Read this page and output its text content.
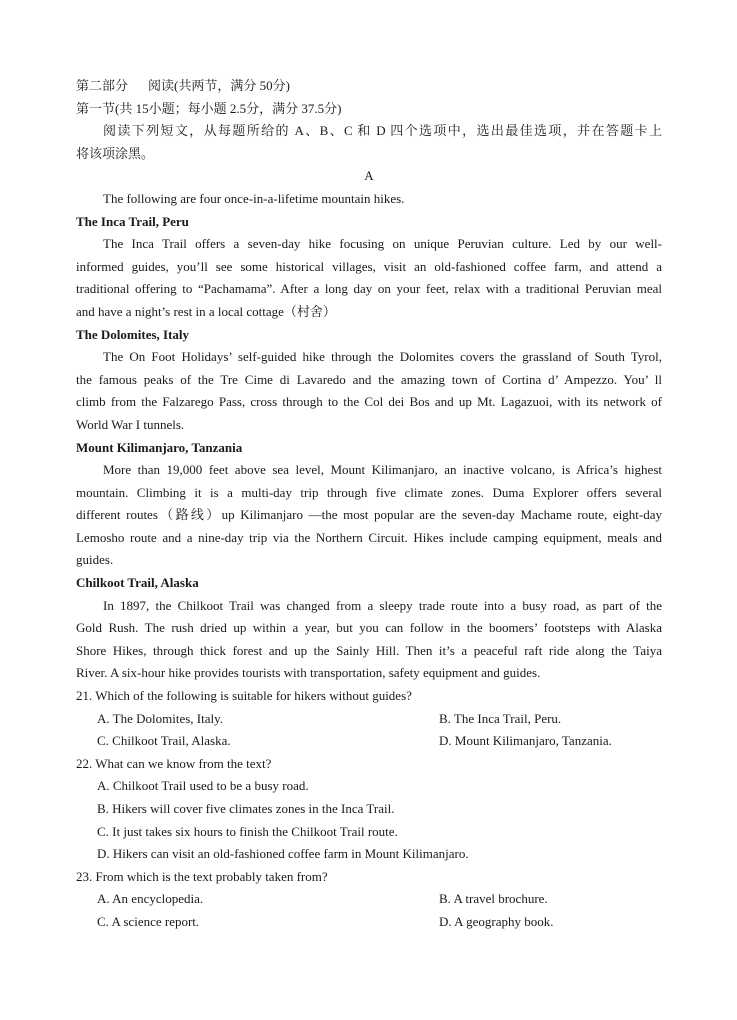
第二部分 阅读(共两节，满分 50分)

第一节(共 15小题；每小题 2.5分，满分 37.5分)

阅读下列短文，从每题所给的 A、B、C 和 D 四个选项中，选出最佳选项，并在答题卡上

将该项涂黑。

A

The following are four once-in-a-lifetime mountain hikes.

The Inca Trail, Peru

The Inca Trail offers a seven-day hike focusing on unique Peruvian culture. Led by our well-

informed guides, you’ll see some historical villages, visit an old-fashioned coffee farm, and attend a

traditional offering to “Pachamama”. After a long day on your feet, relax with a traditional Peruvian meal

and have a night’s rest in a local cottage（村舍）

The Dolomites, Italy

The On Foot Holidays’ self-guided hike through the Dolomites covers the grassland of South Tyrol,

the famous peaks of the Tre Cime di Lavaredo and the amazing town of Cortina d’ Ampezzo. You’ ll

climb from the Falzarego Pass, cross through to the Col dei Bos and up Mt. Lagazuoi, with its network of

World War I tunnels.

Mount Kilimanjaro, Tanzania

More than 19,000 feet above sea level, Mount Kilimanjaro, an inactive volcano, is Africa’s highest

mountain. Climbing it is a multi-day trip through five climate zones. Duma Explorer offers several

different routes（路线）up Kilimanjaro —the most popular are the seven-day Machame route, eight-day

Lemosho route and a nine-day trip via the Northern Circuit. Hikes include camping equipment, meals and

guides.

Chilkoot Trail, Alaska

In 1897, the Chilkoot Trail was changed from a sleepy trade route into a busy road, as part of the

Gold Rush. The rush dried up within a year, but you can follow in the boomers’ footsteps with Alaska

Shore Hikes, through thick forest and up the Sainly Hill. Then it’s a peaceful raft ride along the Taiya

River. A six-hour hike provides tourists with transportation, safety equipment and guides.

21. Which of the following is suitable for hikers without guides?

A. The Dolomites, Italy.	B. The Inca Trail, Peru.
C. Chilkoot Trail, Alaska.	D. Mount Kilimanjaro, Tanzania.

22. What can we know from the text?

A. Chilkoot Trail used to be a busy road.

B. Hikers will cover five climates zones in the Inca Trail.

C. It just takes six hours to finish the Chilkoot Trail route.

D. Hikers can visit an old-fashioned coffee farm in Mount Kilimanjaro.

23. From which is the text probably taken from?

A. An encyclopedia.	B. A travel brochure.
C. A science report.	D. A geography book.
